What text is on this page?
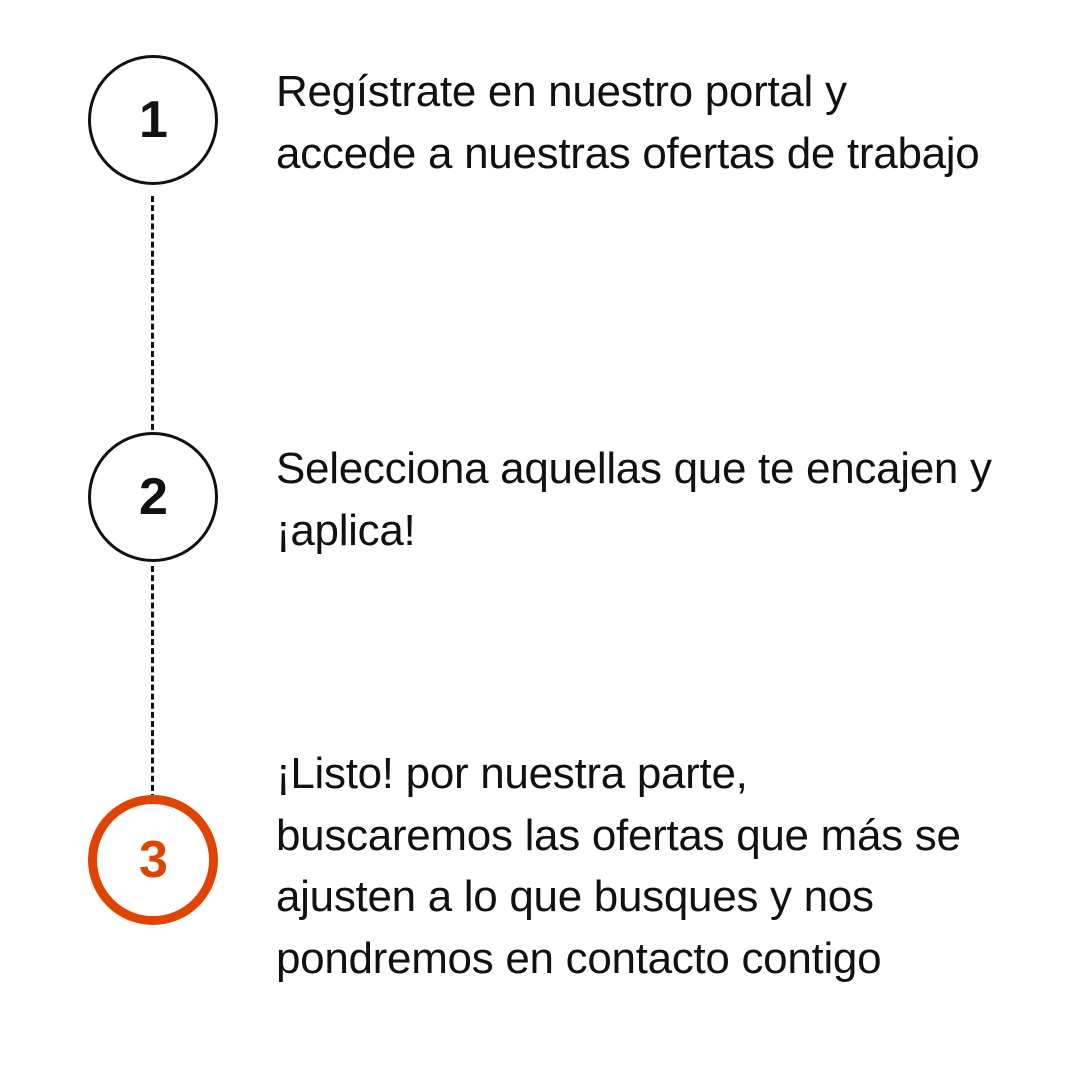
1 Regístrate en nuestro portal y accede a nuestras ofertas de trabajo
2 Selecciona aquellas que te encajen y ¡aplica!
3
¡Listo! por nuestra parte, buscaremos las ofertas que más se ajusten a lo que busques y nos pondremos en contacto contigo
